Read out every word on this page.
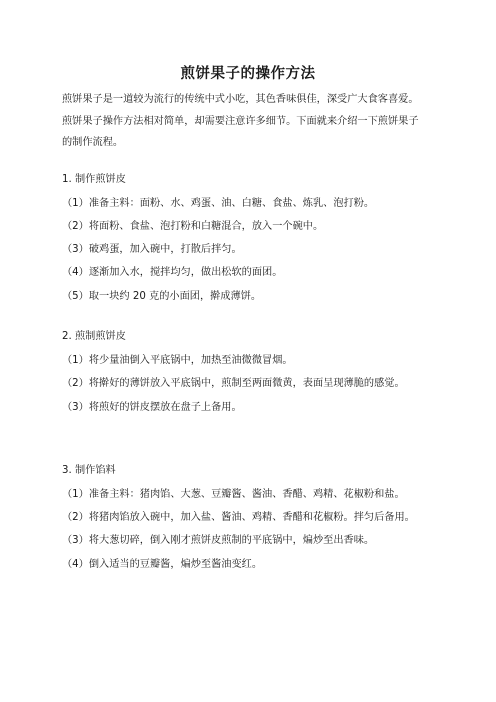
煎饼果子的操作方法
煎饼果子是一道较为流行的传统中式小吃，其色香味俱佳，深受广大食客喜爱。
煎饼果子操作方法相对简单，却需要注意许多细节。下面就来介绍一下煎饼果子
的制作流程。
1. 制作煎饼皮
（1）准备主料：面粉、水、鸡蛋、油、白糖、食盐、炼乳、泡打粉。
（2）将面粉、食盐、泡打粉和白糖混合，放入一个碗中。
（3）破鸡蛋，加入碗中，打散后拌匀。
（4）逐渐加入水，搅拌均匀，做出松软的面团。
（5）取一块约 20 克的小面团，擀成薄饼。
2. 煎制煎饼皮
（1）将少量油倒入平底锅中，加热至油微微冒烟。
（2）将擀好的薄饼放入平底锅中，煎制至两面微黄，表面呈现薄脆的感觉。
（3）将煎好的饼皮摆放在盘子上备用。
3. 制作馅料
（1）准备主料：猪肉馅、大葱、豆瓣酱、酱油、香醋、鸡精、花椒粉和盐。
（2）将猪肉馅放入碗中，加入盐、酱油、鸡精、香醋和花椒粉。拌匀后备用。
（3）将大葱切碎，倒入刚才煎饼皮煎制的平底锅中，煸炒至出香味。
（4）倒入适当的豆瓣酱，煸炒至酱油变红。
